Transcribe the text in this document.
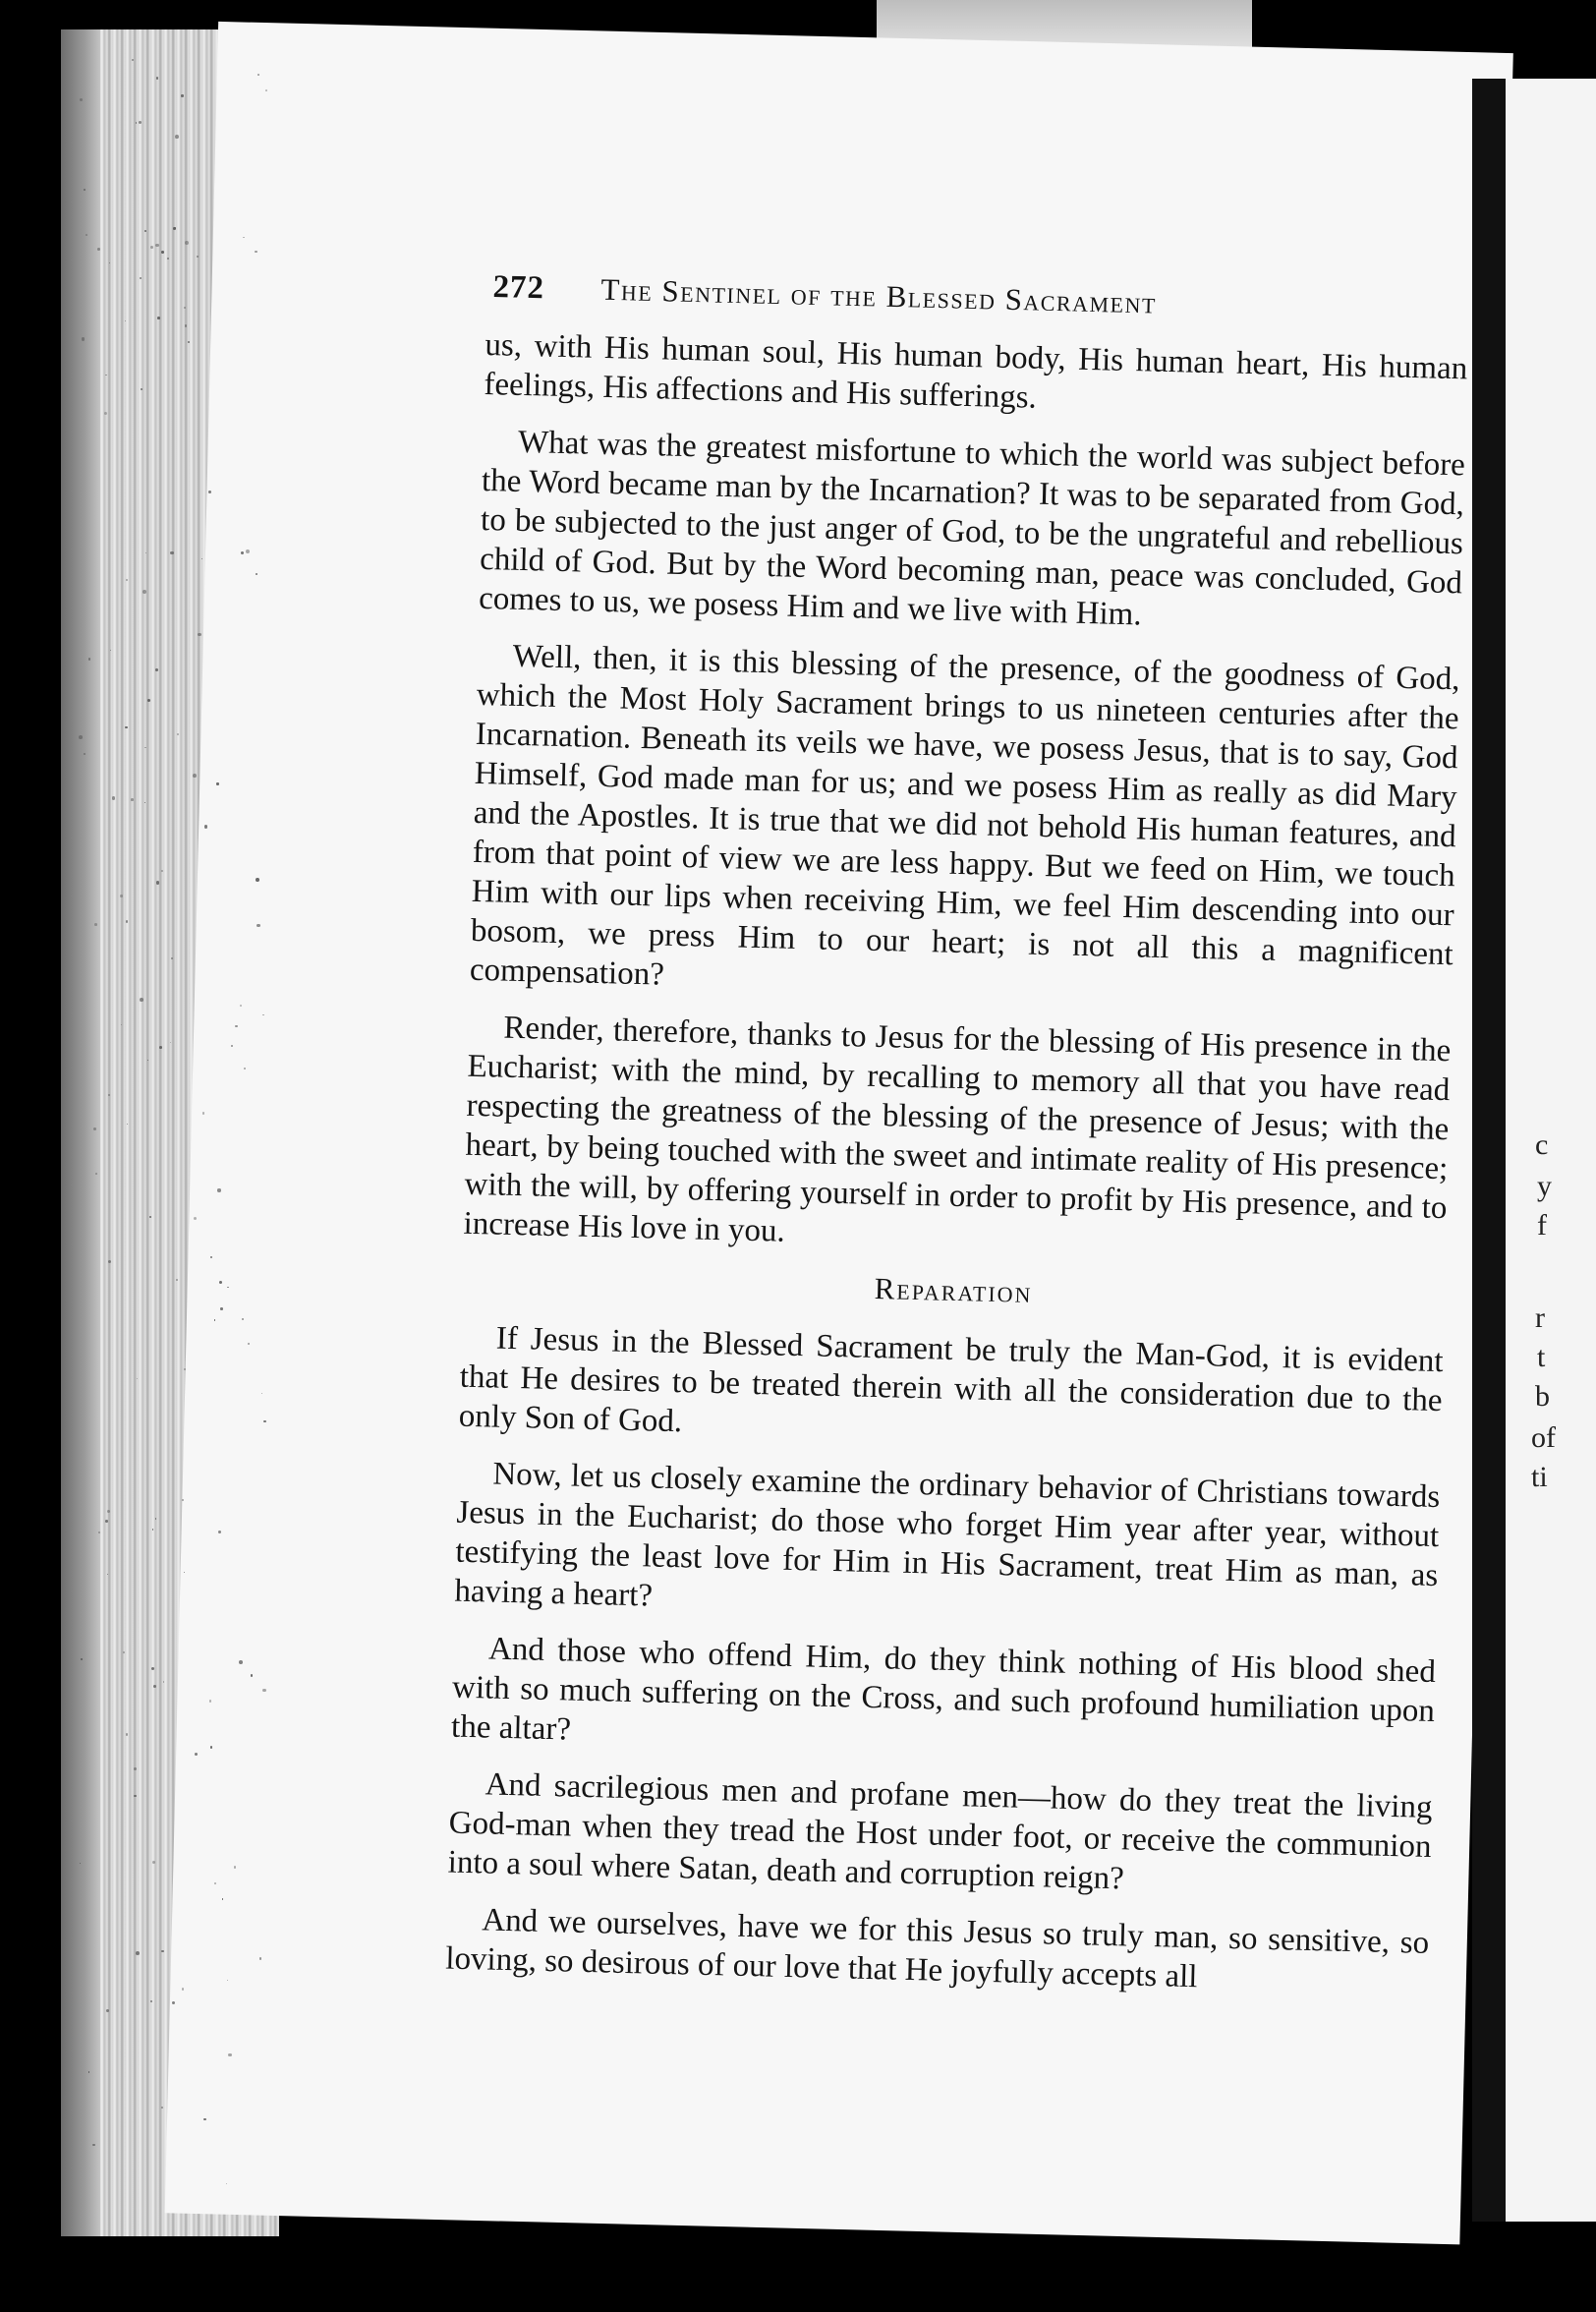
c
y
f
r
t
b
of
ti
272	The Sentinel of the Blessed Sacrament

us, with His human soul, His human body, His human heart, His human feelings, His affections and His sufferings.

What was the greatest misfortune to which the world was subject before the Word became man by the Incarnation? It was to be separated from God, to be subjected to the just anger of God, to be the ungrateful and rebellious child of God. But by the Word becoming man, peace was concluded, God comes to us, we posess Him and we live with Him.

Well, then, it is this blessing of the presence, of the goodness of God, which the Most Holy Sacrament brings to us nineteen centuries after the Incarnation. Beneath its veils we have, we posess Jesus, that is to say, God Himself, God made man for us; and we posess Him as really as did Mary and the Apostles. It is true that we did not behold His human features, and from that point of view we are less happy. But we feed on Him, we touch Him with our lips when receiving Him, we feel Him descending into our bosom, we press Him to our heart; is not all this a magnificent compensation?

Render, therefore, thanks to Jesus for the blessing of His presence in the Eucharist; with the mind, by recalling to memory all that you have read respecting the greatness of the blessing of the presence of Jesus; with the heart, by being touched with the sweet and intimate reality of His presence; with the will, by offering yourself in order to profit by His presence, and to increase His love in you.

Reparation

If Jesus in the Blessed Sacrament be truly the Man-God, it is evident that He desires to be treated therein with all the consideration due to the only Son of God.

Now, let us closely examine the ordinary behavior of Christians towards Jesus in the Eucharist; do those who forget Him year after year, without testifying the least love for Him in His Sacrament, treat Him as man, as having a heart?

And those who offend Him, do they think nothing of His blood shed with so much suffering on the Cross, and such profound humiliation upon the altar?

And sacrilegious men and profane men—how do they treat the living God-man when they tread the Host under foot, or receive the communion into a soul where Satan, death and corruption reign?

And we ourselves, have we for this Jesus so truly man, so sensitive, so loving, so desirous of our love that He joyfully accepts all
